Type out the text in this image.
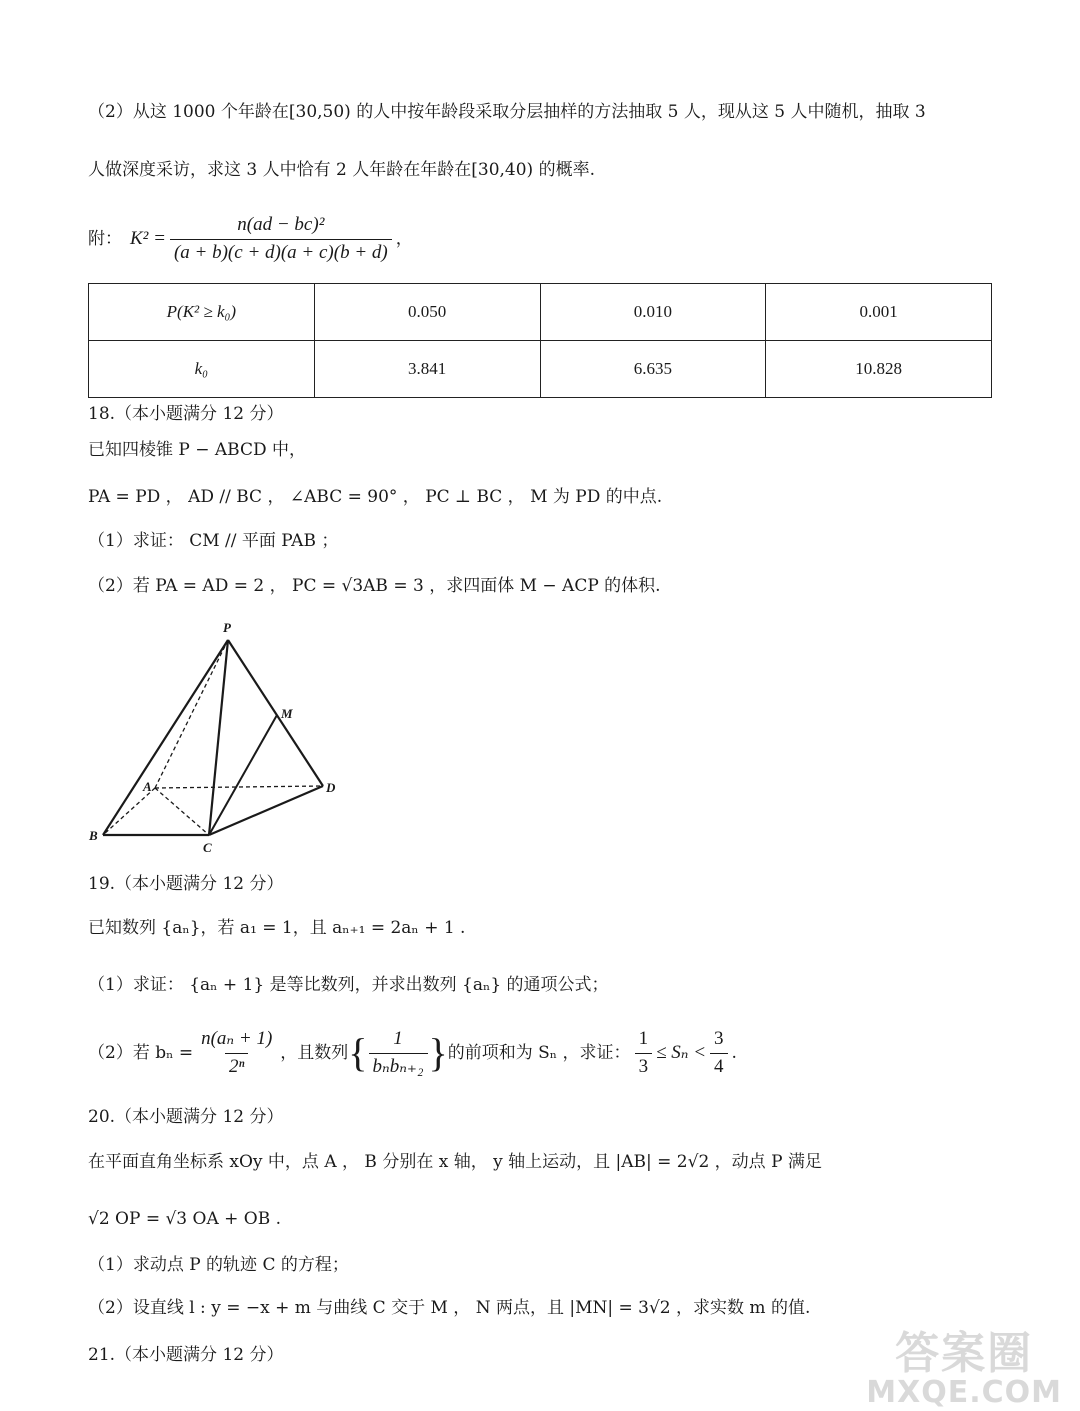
（2）从这 1000 个年龄在[30,50) 的人中按年龄段采取分层抽样的方法抽取 5 人，现从这 5 人中随机，抽取 3
人做深度采访，求这 3 人中恰有 2 人年龄在年龄在[30,40) 的概率.
附： $K^2 = \frac{\text{n(ad − bc)²}}{(a + b)(c + d)(a + c)(b + d)}$ ，
P(K² ≥ k₀)	0.050	0.010	0.001
k₀	3.841	6.635	10.828
18.（本小题满分 12 分）
已知四棱锥 P − ABCD 中，
PA = PD ， AD // BC ， ∠ABC = 90° ， PC ⊥ BC ， M 为 PD 的中点.
（1）求证： CM // 平面 PAB ；
（2）若 PA = AD = 2 ， PC = √3AB = 3 ，求四面体 M − ACP 的体积.
P
M
A	D
B
C
19.（本小题满分 12 分）
已知数列 {aₙ}，若 a₁ = 1，且 aₙ₊₁ = 2aₙ + 1 .
（1）求证： {aₙ + 1} 是等比数列，并求出数列 {aₙ} 的通项公式；
（2）若 $b_n = \frac{\text{n(aₙ + 1)}}{\text{2ⁿ}}$ ，且数列 { $\frac{1}{\text{bₙbₙ₊₂}}$ } 的前项和为 Sₙ ，求证： $\frac{1}{3} \le S_n < \frac{3}{4}$ .
20.（本小题满分 12 分）
在平面直角坐标系 xOy 中，点 A ， B 分别在 x 轴， y 轴上运动，且 |AB| = 2√2 ，动点 P 满足
√2 OP = √3 OA + OB .
（1）求动点 P 的轨迹 C 的方程；
（2）设直线 l : y = −x + m 与曲线 C 交于 M ， N 两点，且 |MN| = 3√2 ，求实数 m 的值.
21.（本小题满分 12 分）	答案圈
MXQE.COM
